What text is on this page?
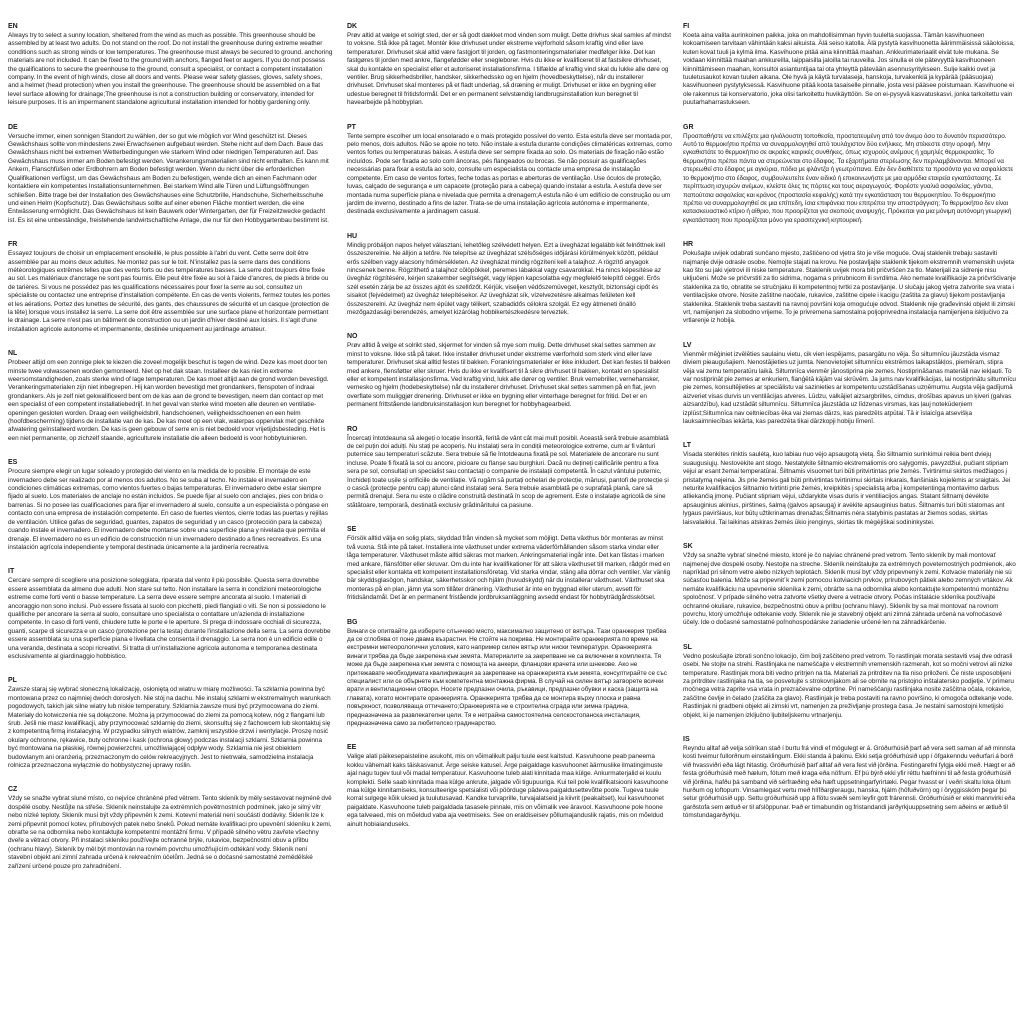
EN

Always try to select a sunny location, sheltered from the wind as much as possible. This greenhouse should be assembled by at least two adults. Do not stand on the roof. Do not install the greenhouse during extreme weather conditions such as strong winds or low temperatures. The greenhouse must always be secured to ground. anchoring materials are not included. It can be fixed to the ground with anchors, flanged feet or augers. If you do not possess the qualifications to secure the greenhouse to the ground, consult a specialist, or contact a competent installation company. In the event of high winds, close all doors and vents. Please wear safety glasses, gloves, safety shoes, and a helmet (head protection) when you install the greenhouse. The greenhouse should be assembled on a flat level surface allowing for drainage;The greenhouse is not a construction building or conservatory, intended for leisure purposes. It is an impermanent standalone agricultural installation intended for hobby gardening only.

DE

Versuche immer, einen sonnigen Standort zu wählen, der so gut wie möglich vor Wind geschützt ist. Dieses Gewächshaus sollte von mindestens zwei Erwachsenen aufgebaut werden. Stehe nicht auf dem Dach. Baue das Gewächshaus nicht bei extremen Wetterbedingungen wie starkem Wind oder niedrigen Temperaturen auf. Das Gewächshaus muss immer am Boden befestigt werden. Verankerungsmaterialien sind nicht enthalten. Es kann mit Ankern, Flanschfüßen oder Erdbohrern am Boden befestigt werden. Wenn du nicht über die erforderlichen Qualifikationen verfügst, um das Gewächshaus am Boden zu befestigen, wende dich an einen Fachmann oder kontaktiere ein kompetentes Installationsunternehmen. Bei starkem Wind alle Türen und Lüftungsöffnungen schließen. Bitte trage bei der Installation des Gewächshauses eine Schutzbrille, Handschuhe, Sicherheitsschuhe und einen Helm (Kopfschutz). Das Gewächshaus sollte auf einer ebenen Fläche montiert werden, die eine Entwässerung ermöglicht. Das Gewächshaus ist kein Bauwerk oder Wintergarten, der für Freizeitzwecke gedacht ist. Es ist eine unbeständige, freistehende landwirtschaftliche Anlage, die nur für den Hobbygartenbau bestimmt ist.

FR

Essayez toujours de choisir un emplacement ensoleillé, le plus possible à l'abri du vent. Cette serre doit être assemblée par au moins deux adultes. Ne montez pas sur le toit. N'installez pas la serre dans des conditions météorologiques extrêmes telles que des vents forts ou des températures basses. La serre doit toujours être fixée au sol. Les matériaux d'ancrage ne sont pas fournis. Elle peut être fixée au sol à l'aide d'ancres, de pieds à bride ou de tarières. Si vous ne possédez pas les qualifications nécessaires pour fixer la serre au sol, consultez un spécialiste ou contactez une entreprise d'installation compétente. En cas de vents violents, fermez toutes les portes et les aérations. Portez des lunettes de sécurité, des gants, des chaussures de sécurité et un casque (protection de la tête) lorsque vous installez la serre. La serre doit être assemblée sur une surface plane et horizontale permettant le drainage. La serre n'est pas un bâtiment de construction ou un jardin d'hiver destiné aux loisirs. Il s'agit d'une installation agricole autonome et impermanente, destinée uniquement au jardinage amateur.

NL

Probeer altijd om een zonnige plek te kiezen die zoveel mogelijk beschut is tegen de wind. Deze kas moet door ten minste twee volwassenen worden gemonteerd. Niet op het dak staan. Installeer de kas niet in extreme weersomstandigheden, zoals sterke wind of lage temperaturen. De kas moet altijd aan de grond worden bevestigd. Verankeringsmaterialen zijn niet inbegrepen. Hij kan worden bevestigd met grondankers, flenspoten of indraai grondankers. Als je zelf niet gekwalificeerd bent om de kas aan de grond te bevestigen, neem dan contact op met een specialist of een competent installatiebedrijf. In het geval van sterke wind moeten alle deuren en ventilatie-openingen gesloten worden. Draag een veiligheidsbril, handschoenen, veiligheidsschoenen en een helm (hoofdbescherming) tijdens de installatie van de kas. De kas moet op een vlak, waterpas oppervlak met geschikte afwatering geïnstalleerd worden. De kas is geen gebouw of serre en is niet bedoeld voor vrijetijdsbesteding. Het is een niet permanente, op zichzelf staande, agriculturele installatie die alleen bedoeld is voor hobbytuinieren.

ES

Procure siempre elegir un lugar soleado y protegido del viento en la medida de lo posible. El montaje de este invernadero debe ser realizado por al menos dos adultos. No se suba al techo. No instale el invernadero en condiciones climáticas extremas, como vientos fuertes o bajas temperaturas. El invernadero debe estar siempre fijado al suelo. Los materiales de anclaje no están incluidos. Se puede fijar al suelo con anclajes, pies con brida o barrenas. Si no posee las cualificaciones para fijar el invernadero al suelo, consulte a un especialista o póngase en contacto con una empresa de instalación competente. En caso de fuertes vientos, cierre todas las puertas y rejillas de ventilación. Utilice gafas de seguridad, guantes, zapatos de seguridad y un casco (protección para la cabeza) cuando instale el invernadero. El invernadero debe montarse sobre una superficie plana y nivelada que permita el drenaje. El invernadero no es un edificio de construcción ni un invernadero destinado a fines recreativos. Es una instalación agrícola independiente y temporal destinada únicamente a la jardinería recreativa.

IT

Cercare sempre di scegliere una posizione soleggiata, riparata dal vento il più possibile. Questa serra dovrebbe essere assemblata da almeno due adulti. Non stare sul tetto. Non installare la serra in condizioni meteorologiche estreme come forti venti o basse temperature. La serra deve essere sempre ancorata al suolo. I materiali di ancoraggio non sono inclusi. Può essere fissata al suolo con picchetti, piedi flangiati o viti. Se non si possiedono le qualifiche per ancorare la serra al suolo, consultare uno specialista o contattare un'azienda di installazione competente. In caso di forti venti, chiudere tutte le porte e le aperture. Si prega di indossare occhiali di sicurezza, guanti, scarpe di sicurezza e un casco (protezione per la testa) durante l'installazione della serra. La serra dovrebbe essere assemblata su una superficie piana e livellata che consenta il drenaggio. La serra non è un edificio edile o una veranda, destinata a scopi ricreativi. Si tratta di un'installazione agricola autonoma e temporanea destinata esclusivamente al giardinaggio hobbistico.

PL

Zawsze staraj się wybrać słoneczną lokalizację, osłoniętą od wiatru w miarę możliwości. Ta szklarnia powinna być montowana przez co najmniej dwóch dorosłych. Nie stój na dachu. Nie instaluj szklarni w ekstremalnych warunkach pogodowych, takich jak silne wiatry lub niskie temperatury. Szklarnia zawsze musi być przymocowana do ziemi. Materiały do kotwiczenia nie są dołączone. Można ją przymocować do ziemi za pomocą kotew, nóg z flangami lub śrub. Jeśli nie masz kwalifikacji, aby przymocować szklarnię do ziemi, skonsultuj się z fachowcem lub skontaktuj się z kompetentną firmą instalacyjną. W przypadku silnych wiatrów, zamknij wszystkie drzwi i wentylacje. Proszę nosić okulary ochronne, rękawice, buty ochronne i kask (ochrona głowy) podczas instalacji szklarni. Szklarnia powinna być montowana na płaskiej, równej powierzchni, umożliwiającej odpływ wody. Szklarnia nie jest obiektem budowlanym ani oranżerią, przeznaczonym do celów rekreacyjnych. Jest to nietrwała, samodzielna instalacja rolnicza przeznaczona wyłącznie do hobbystycznej uprawy roślin.

CZ

Vždy se snažte vybrat sluné místo, co nejvíce chráněné před větrem. Tento skleník by měly sestavovat nejméně dvě dospělé osoby. Nestůjte na střeše. Skleník neinstalujte za extrémních povětrnostních podmínek, jako je silný vítr nebo nízké teploty. Skleník musí být vždy připevněn k zemi. Kotevní materiál není součástí dodávky. Skleník lze k zemi připevnit pomocí kotev, přírubových patek nebo šneků. Pokud nemáte kvalifikaci pro upevnění skleníku k zemi, obraťte se na odborníka nebo kontaktujte kompetentní montážní firmu. V případě silného větru zavřete všechny dveře a větrací otvory. Při instalaci skleníku používejte ochranné brýle, rukavice, bezpečnostní obuv a přilbu (ochranu hlavy). Skleník by měl být montován na rovném povrchu umožňujícím odtékání vody. Skleník není stavební objekt ani zimní zahrada určená k rekreačním účelům. Jedná se o dočasné samostatné zemědělské zařízení určené pouze pro zahradničení.

DK

Prøv altid at vælge et solrigt sted, der er så godt dækket mod vinden som muligt. Dette drivhus skal samles af mindst to voksne. Stå ikke på taget. Montér ikke drivhuset under ekstreme vejrforhold såsom kraftig vind eller lave temperaturer. Drivhuset skal altid være fastgjort til jorden, og fastmonteringsmaterialer medfølger ikke. Det kan fastgøres til jorden med ankre, flangefødder eller snegleborer. Hvis du ikke er kvalificeret til at fastsikre drivhuset, skal du kontakte en specialist eller et autoriseret installationsfirma. I tilfælde af kraftig vind skal du lukke alle døre og ventiler. Brug sikkerhedsbriller, handsker, sikkerhedssko og en hjelm (hovedbeskyttelse), når du installerer drivhuset. Drivhuset skal monteres på et fladt underlag, så dræning er muligt. Drivhuset er ikke en bygning eller udestue beregnet til fritidsformål. Det er en permanent selvstændig landbrugsinstallation kun beregnet til havearbejde på hobbyplan.

PT

Tente sempre escolher um local ensolarado e o mais protegido possível do vento. Esta estufa deve ser montada por, pelo menos, dois adultos. Não se apoie no teto. Não instale a estufa durante condições climatéricas extremas, como ventos fortes ou temperaturas baixas. A estufa deve ser sempre fixada ao solo. Os materiais de fixação não estão incluídos. Pode ser fixada ao solo com âncoras, pés flangeados ou brocas. Se não possuir as qualificações necessárias para fixar a estufa ao solo, consulte um especialista ou contacte uma empresa de instalação competente. Em caso de ventos fortes, feche todas as portas e aberturas de ventilação. Use óculos de proteção, luvas, calçado de segurança e um capacete (proteção para a cabeça) quando instalar a estufa. A estufa deve ser montada numa superfície plana e nivelada que permita a drenagem;A estufa não é um edifício de construção ou um jardim de inverno, destinado a fins de lazer. Trata-se de uma instalação agrícola autónoma e impermanente, destinada exclusivamente a jardinagem casual.

HU

Mindig próbáljon napos helyet választani, lehetőleg szélvédett helyen. Ezt a üvegházat legalább két felnőttnek kell összeszerelnie. Ne álljon a tetőre. Ne telepítse az üvegházat szélsőséges időjárási körülmények között, például erős szélben vagy alacsony hőmérsékleten. Az üvegházat mindig rögzíteni kell a talajhoz. A rögzítő anyagok nincsenek benne. Rögzíthető a talajhoz cölöpökkel, peremes lábakkal vagy csavarokkal. Ha nincs képesítése az üvegház rögzítésére, kérjen szakember segítségét, vagy lépjen kapcsolatba egy megfelelő telepítő céggel. Erős szél esetén zárja be az összes ajtót és szellőzőt. Kérjük, viseljen védőszemüveget, kesztyűt, biztonsági cipőt és sisakot (fejvédelmet) az üvegház telepítésekor. Az üvegházat sík, vízelvezetésre alkalmas felületen kell összeszerelni. Az üvegház nem épület vagy télikert, szabadidős célokra szolgál. Ez egy átmeneti önálló mezőgazdasági berendezés, amelyet kizárólag hobbikertészkedésre terveztek.

NO

Prøv alltid å velge et solrikt sted, skjermet for vinden så mye som mulig. Dette drivhuset skal settes sammen av minst to voksne. Ikke stå på taket. Ikke installer drivhuset under ekstreme værforhold som sterk vind eller lave temperaturer. Drivhuset skal alltid festes til bakken. Forankringsmaterialer er ikke inkludert. Det kan festes til bakken med ankere, flensføtter eller skruer. Hvis du ikke er kvalifisert til å sikre drivhuset til bakken, kontakt en spesialist eller et kompetent installasjonsfirma. Ved kraftig vind, lukk alle dører og ventiler. Bruk vernebriller, vernehansker, vernesko og hjelm (hodebeskyttelse) når du installerer drivhuset. Drivhuset skal settes sammen på en flat, jevn overflate som muliggjør drenering. Drivhuset er ikke en bygning eller vinterhage beregnet for fritid. Det er en permanent frittstående landbruksinstallasjon kun beregnet for hobbyhagearbeid.

RO

Încercați întotdeauna să alegeți o locație însorită, ferită de vânt cât mai mult posibil. Această seră trebuie asamblată de cel puțin doi adulți. Nu stați pe acoperiș. Nu instalați sera în condiții meteorologice extreme, cum ar fi vânturi puternice sau temperaturi scăzute. Sera trebuie să fie întotdeauna fixată pe sol. Materialele de ancorare nu sunt incluse. Poate fi fixată la sol cu ancore, picioare cu flanșe sau burghiuri. Dacă nu dețineți calificările pentru a fixa sera pe sol, consultați un specialist sau contactați o companie de instalații competentă. În cazul vântului puternic, închideți toate ușile și orificiile de ventilație. Vă rugăm să purtați ochelari de protecție, mănuși, pantofi de protecție și o cască (protecție pentru cap) atunci când instalați sera. Sera trebuie asamblată pe o suprafață plană, care să permită drenajul. Sera nu este o clădire construită destinată în scop de agrement. Este o instalație agricolă de sine stătătoare, temporară, destinată exclusiv grădinăritului ca pasiune.

SE

Försök alltid välja en solig plats, skyddad från vinden så mycket som möjligt. Detta växthus bör monteras av minst två vuxna. Stå inte på taket. Installera inte växthuset under extrema väderförhållanden såsom starka vindar eller låga temperaturer. Växthuset måste alltid säkras mot marken. Ankringsmaterial ingår inte. Det kan fästas i marken med ankare, flänsfötter eller skruvar. Om du inte har kvalifikationer för att säkra växthuset till marken, rådgör med en specialist eller kontakta ett kompetent installationsföretag. Vid starka vindar, stäng alla dörrar och ventiler. Var vänlig bär skyddsglasögon, handskar, säkerhetsskor och hjälm (huvudskydd) när du installerar växthuset. Växthuset ska monteras på en plan, jämn yta som tillåter dränering. Växthuset är inte en byggnad eller uterum, avsett för fritidsändamål. Det är en permanent fristående jordbruksanläggning avsedd endast för hobbyträdgårdsskötsel.

BG

Винаги се опитвайте да изберете слънчево място, максимално защитено от вятъра. Тази оранжерия трябва да се сглобява от поне двама възрастни. Не стойте на покрива. Не монтирайте оранжерията по време на екстремни метеорологични условия, като например силен вятър или ниски температури. Оранжерията винаги трябва да бъде закрепена към земята. Материалите за закрепване не са включени в комплекта. Тя може да бъде закрепена към земята с помощта на анкери, фланцови крачета или шнекове. Ако не притежавате необходимата квалификация за закрепване на оранжерията към земята, консултирайте се със специалист или се обърнете към компетентна монтажна фирма. В случай на силен вятър затворете всички врати и вентилационни отвори. Носете предпазни очила, ръкавици, предпазни обувки и каска (защита на главата), когато монтирате оранжерията. Оранжерията трябва да се монтира върху плоска и равна повърхност, позволяваща оттичането;Оранжерията не е строителна сграда или зимна градина, предназначена за развлекателни цели. Тя е нетрайна самостоятелна селскостопанска инсталация, предназначена само за любителско градинарство.

EE

Valige alati päikesepaisteline asukoht, mis on võimalikult palju tuule eest kaitstud. Kasvuhoone peab paneema kokku vähemalt kaks täiskasvanut. Ärge seiske katusel. Ärge paigaldage kasvuhoonet äärmuslike ilmatingimuste ajal nagu tugev tuul või madal temperatuur. Kasvuhoone tuleb alati kinnitada maa külge. Ankurmaterjalid ei kuulu komplekti. Selle saab kinnitada maa külge ankrute, jalgade või tigupuuriga. Kui teil pole kvalifikatsiooni kasvuhoone maa külge kinnitamiseks, konsulteerige spetsialisti või pöörduge pädeva paigaldusettevõtte poole. Tugeva tuule korral sulgege kõik uksed ja tuulutusavad. Kandke turvaprille, turvajalatseid ja kiivrit (peakaitset), kui kasvuhoonet paigaldate. Kasvuhoone tuleb paigaldada tasasele pinnale, mis on võimalik vee äravool. Kasvuhoone pole hoone ega talveaed, mis on mõeldud vaba aja veetmiseks. See on eraldiseisev põllumajanduslik rajatis, mis on mõeldud ainult hobiaianduseks.

FI

Koeta aina valita aurinkoinen paikka, joka on mahdollisimman hyvin tuulelta suojassa. Tämän kasvihuoneen kokoamiseen tarvitaan vähintään kaksi aikuista. Älä seiso katolla. Älä pystytä kasvihuonetta äärimmäisissä sääoloissa, kuten kovat tuuli ja kylmä ilma. Kasvihuone pitää aina kiinnittää maahan. Ankkurimateriaalit eivät tule mukana. Se voidaan kiinnittää maahan ankkureilla, laippaisilla jaloilla tai ruuveilla. Jos sinulla ei ole pätevyyttä kasvihuoneen kiinnittämiseen maahan, konsultoi asiantuntijaa tai ota yhteyttä pätevään asennusyritykseen. Sulje kaikki ovet ja tuuletusaukot kovan tuulen aikana. Ole hyvä ja käytä turvalaseja, hanskoja, turvakenkiä ja kypärää (pääsuojaa) kasvihuoneen pystytyksessä. Kasvihuone pitää koota tasaiselle pinnalle, josta vesi pääsee poistumaan. Kasvihuone ei ole rakennus tai konservatorio, joka olisi tarkoitettu huvikäyttöön. Se on ei-pysyvä kasvatuskasvi, jonka tarkoitettu vain puutarhaharrastukseen.

GR

Προσπαθήστε να επιλέξετε μια ηλιόλουστη τοποθεσία, προστατευμένη από τον άνεμο όσο το δυνατόν περισσότερο. Αυτό το θερμοκήπιο πρέπει να συναρμολογηθεί από τουλάχιστον δύο ενήλικες. Μη στέκεστε στην οροφή. Μην εγκαθιστάτε το θερμοκήπιο σε ακραίες καιρικές συνθήκες, όπως ισχυρούς ανέμους ή χαμηλές θερμοκρασίες. Το θερμοκήπιο πρέπει πάντα να στερεώνεται στο έδαφος. Τα εξαρτήματα στερέωσης δεν περιλαμβάνονται. Μπορεί να στερεωθεί στο έδαφος με αγκύρια, πόδια με φλάντζα ή γεωτρύπανα. Εάν δεν διαθέτετε τα προσόντα για να ασφαλίσετε το θερμοκήπιο στο έδαφος, συμβουλευτείτε έναν ειδικό ή επικοινωνήστε με μια αρμόδια εταιρεία εγκατάστασης. Σε περίπτωση ισχυρών ανέμων, κλείστε όλες τις πόρτες και τους αεραγωγούς. Φορέστε γυαλιά ασφαλείας, γάντια, παπούτσια ασφαλείας και κράνος (προστασία κεφαλής) κατά την εγκατάσταση του θερμοκηπίου. Το θερμοκήπιο πρέπει να συναρμολογηθεί σε μια επίπεδη, ίσια επιφάνεια που επιτρέπει την αποστράγγιση; Το θερμοκήπιο δεν είναι κατασκευαστικό κτίριο ή αίθριο, που προορίζεται για σκοπούς αναψυχής. Πρόκειται για μια μόνιμη αυτόνομη γεωργική εγκατάσταση που προορίζεται μόνο για ερασιτεχνική κηπουρική.

HR

Pokušajte uvijek odabrati sunčano mjesto, zaštićeno od vjetra što je više moguće. Ovaj staklenik trebaju sastaviti najmanje dvije odrasle osobe. Nemojte stajati na krovu. Ne postavljajte staklenik tijekom ekstremnih vremenskih uvjeta kao što su jaki vjetrovi ili niske temperature. Staklenik uvijek mora biti pričvršćen za tlo. Materijali za sidrenje nisu uključeni. Može se pričvrstiti za tlo sidrima, nogama s prirubnicom ili svrdlima. Ako nemate kvalifikacije za pričvršćivanje staklenika za tlo, obratite se stručnjaku ili kompetentnoj tvrtki za postavljanje. U slučaju jakog vjetra zatvorite sva vrata i ventilacijske otvore. Nosite zaštitne naočale, rukavice, zaštitne cipele i kacigu (zaštita za glavu) tijekom postavljanja staklenika. Staklenik treba sastaviti na ravnoj površini koja omogućuje odvod. Staklenik nije građevinski objekt ili zimski vrt, namijenjen za slobodno vrijeme. To je privremena samostalna poljoprivredna instalacija namijenjena isključivo za vrtlarenje iz hobija.

LV

Vienmēr mēģiniet izvēlēties saulainu vietu, cik vien iespējams, pasargātu no vēja. Šo siltumnīcu jāuzstāda vismaz diviem pieaugušajiem. Nenostājieties uz jumta. Nenovietojiet siltumnīcu ekstrēmos laikapstākļos, piemēram, stipra vēja vai zemu temperatūru laikā. Siltumnīca vienmēr jānostiprina pie zemes. Nostiprināšanas materiāli nav iekļauti. To var nostiprināt pie zemes ar enkuriem, flanģētā kājām vai skrūvēm. Ja jums nav kvalifikācijas, lai nostiprinātu siltumnīcu pie zemes, konsultējieties ar speciālistu vai sazinieties ar kompetentu uzstādīšanas uzņēmumu. Augsta vēja gadījumā aizveriet visas durvis un ventilācijas atveres. Lūdzu, valkājiet aizsargbrilles, cimdus, drošības apavus un ķiveri (galvas aizsardzību), kad uzstādāt siltumnīcu. Siltumnīca jāuzstāda uz līdzenas virsmas, kas ļauj notekūdeņiem izplūst;Siltumnīca nav celtniecības ēka vai ziemas dārzs, kas paredzēts atpūtai. Tā ir īslaicīga atsevišķa lauksaimniecības iekārta, kas paredzēta tikai dārzkopji hobiju līmenī.

LT

Visada stenkites rinktis saulėtą, kuo labiau nuo vėjo apsaugotą vietą. Šio šiltnamio surinkimui reikia bent dviejų suaugusiųjų. Nestovėkite ant stogo. Nestatykite šiltnamio ekstremaliomis oro sąlygomis, pavyzdžiui, pučiant stipriam vėjui ar esant žemai temperatūrai. Šiltnamis visuomet turi būti pritvirtintas prie žemės. Tvirtinimui skirtos medžiagos į pristatymą neįeina. Jis prie žemės gali būti pritvirtintas tvirtinimui skirtais inkarais, flanšiniais kojelėmis ar sraigtais. Jei neturite kvalifikacijos šiltnamio tvirtinti prie žemės, kreipkitės į specialistą arba į kompetentingą montavimo darbus atliekančią įmonę. Pučiant stipriam vėjui, uždarykite visas duris ir ventiliacijos angas. Statant šiltnamį dėvėkite apsauginius akinius, pirštines, šalmą (galvos apsaugą) ir avėkite apsauginius batus. Šiltnamis turi būti statomas ant lygaus paviršiaus, kur būtų užtikrinamas drenažas;Šiltnamis nėra statybinis pastatas ar žiemos sodas, skirtas laisvalaikiui. Tai laikinas atskiras žemės ūkio įrenginys, skirtas tik mėgėjiškai sodininkystei.

SK

Vždy sa snažte vybrať slnečné miesto, ktoré je čo najviac chránené pred vetrom. Tento skleník by mali montovať najmenej dve dospelé osoby. Nestojte na streche. Skleník neinštalujte za extrémnych poveternostných podmienok, ako napríklad pri silnom vetre alebo nízkych teplotách. Skleník musí byť vždy pripevnený k zemi. Kotvacie materiály nie sú súčasťou balenia. Môže sa pripevniť k zemi pomocou kotviacich prvkov, prírubových pätiek alebo zemných vrtákov. Ak nemáte kvalifikáciu na upevnenie skleníka k zemi, obráťte sa na odborníka alebo kontaktujte kompetentnú montážnu spoločnosť. V prípade silného vetra zatvorte všetky dvere a vetracie otvory. Počas inštalácie skleníka používajte ochranné okuliare, rukavice, bezpečnostnú obuv a prilbu (ochranu hlavy). Skleník by sa mal montovať na rovnom povrchu, ktorý umožňuje odtekanie vody. Skleník nie je stavebný objekt ani zimná záhrada určená na voľnočasové účely. Ide o dočasné samostatné poľnohospodárske zariadenie určené len na záhradkárčenie.

SL

Vedno poskušajte izbrati sončno lokacijo, čim bolj zaščiteno pred vetrom. To rastlinjak morata sestaviti vsaj dve odrasli osebi. Ne stojte na strehi. Rastlinjaka ne nameščajte v ekstremnih vremenskih razmerah, kot so močni vetrovi ali nizke temperature. Rastlinjak mora biti vedno pritrjen na tla. Materiali za pritrditev na tla niso priloženi. Če niste usposobljeni za pritrditev rastlinjaka na tla, se posvetujte s strokovnjakom ali se obrnite na pristojno inštalatersko podjetje. V primeru močnega vetra zaprite vsa vrata in prezračevalne odprtine. Pri nameščanju rastlinjaka nosite zaščitna očala, rokavice, zaščitne čevlje in čelado (zaščita za glavo). Rastlinjak je treba postaviti na ravno površino, ki omogoča odtekanje vode. Rastlinjak ni gradbeni objekt ali zimski vrt, namenjen za preživljanje prostega časa. Je nestalni samostojni kmetijski objekt, ki je namenjen izključno ljubiteljskemu vrtnarjenju.

IS

Reyndu alltaf að velja sólríkan stað í burtu frá vindi ef mögulegt er á. Gróðurhúsið þarf að vera sett saman af að minnsta kosti tveimur fullorðnum einstaklingum. Ekki standa á þakinu. Ekki setja gróðurhúsið upp í öfgakenndu veðurfari á borð við hvassviðri eða lágt hitastig. Gróðurhúsið þarf alltaf að vera fest við jörðina. Festingarefni fylgja ekki með. Hægt er að festa gróðurhúsið með hælum, fótum með kraga eða nöfrum. Ef þú býrð ekki yfir réttu hæfninni til að festa gróðurhúsið við jörðina, hafðu þá samband við sérfræðing eða hæft uppsetningarfyrirtæki. Pegar hvasst er í veðri skaltu loka öllum hurðum og loftopum. Vinsamlegast vertu með hlífðargleraugu, hanska, hjálm (höfuðvörn) og í öryggisskóm þegar þú setur gróðurhúsið upp. Settu gróðurhúsið upp á flötu svæði sem leyfir gott frárennsli. Gróðurhúsið er ekki mannvirki eða garðstofa sem ætluð er til afslöppunar. Það er tímabundin og fristandandi jarðyrkjuuppsetning sem aðeins er ætluð til tómstundagarðyrkju.
